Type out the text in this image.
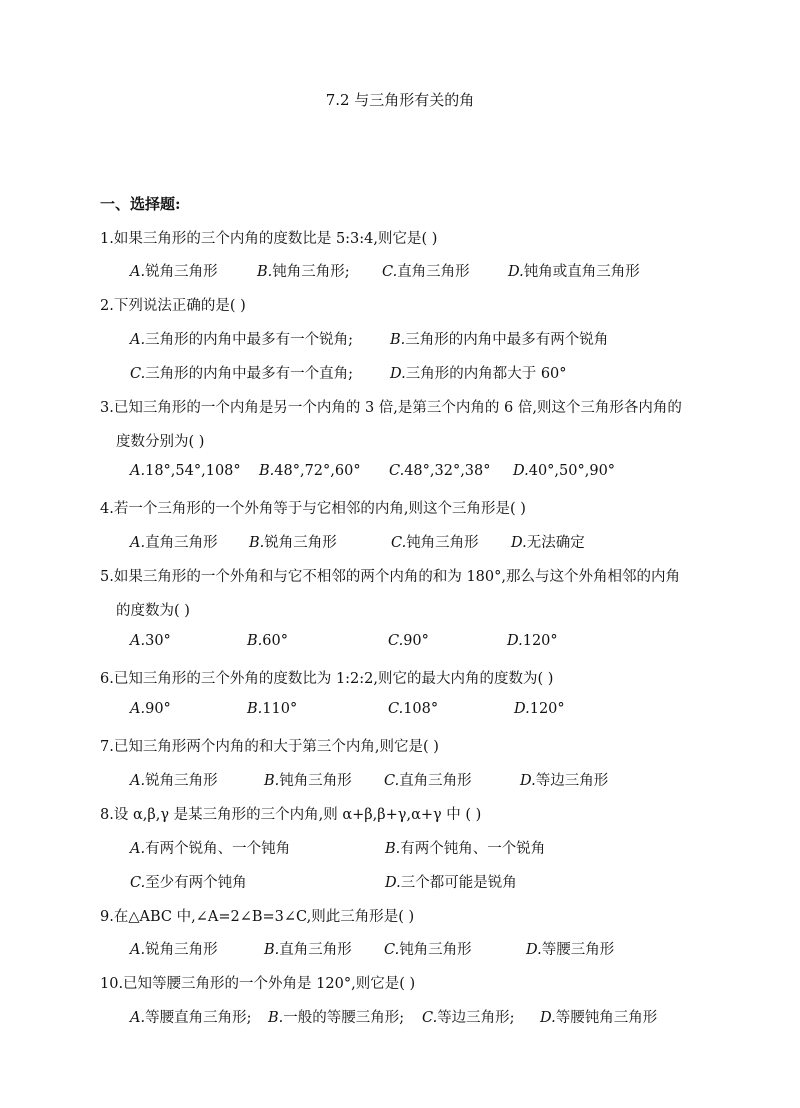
7.2 与三角形有关的角
一、选择题:
1.如果三角形的三个内角的度数比是 5:3:4,则它是( )
A.锐角三角形	B.钝角三角形; C.直角三角形	D.钝角或直角三角形
2.下列说法正确的是( )
A.三角形的内角中最多有一个锐角;	B.三角形的内角中最多有两个锐角
C.三角形的内角中最多有一个直角;	D.三角形的内角都大于 60°
3.已知三角形的一个内角是另一个内角的 3 倍,是第三个内角的 6 倍,则这个三角形各内角的
度数分别为( )
A.18°,54°,108° B.48°,72°,60° C.48°,32°,38° D.40°,50°,90°
4.若一个三角形的一个外角等于与它相邻的内角,则这个三角形是( )
A.直角三角形 B.锐角三角形	C.钝角三角形 D.无法确定
5.如果三角形的一个外角和与它不相邻的两个内角的和为 180°,那么与这个外角相邻的内角
的度数为( )
A.30°	B.60°	C.90°	D.120°
6.已知三角形的三个外角的度数比为 1:2:2,则它的最大内角的度数为( )
A.90°	B.110°	C.108°	D.120°
7.已知三角形两个内角的和大于第三个内角,则它是( )
A.锐角三角形	B.钝角三角形 C.直角三角形	D.等边三角形
8.设 α,β,γ 是某三角形的三个内角,则 α+β,β+γ,α+γ 中 ( )
A.有两个锐角、一个钝角	B.有两个钝角、一个锐角
C.至少有两个钝角	D.三个都可能是锐角
9.在△ABC 中,∠A=2∠B=3∠C,则此三角形是( )
A.锐角三角形	B.直角三角形 C.钝角三角形	D.等腰三角形
10.已知等腰三角形的一个外角是 120°,则它是( )
A.等腰直角三角形; B.一般的等腰三角形; C.等边三角形; D.等腰钝角三角形
